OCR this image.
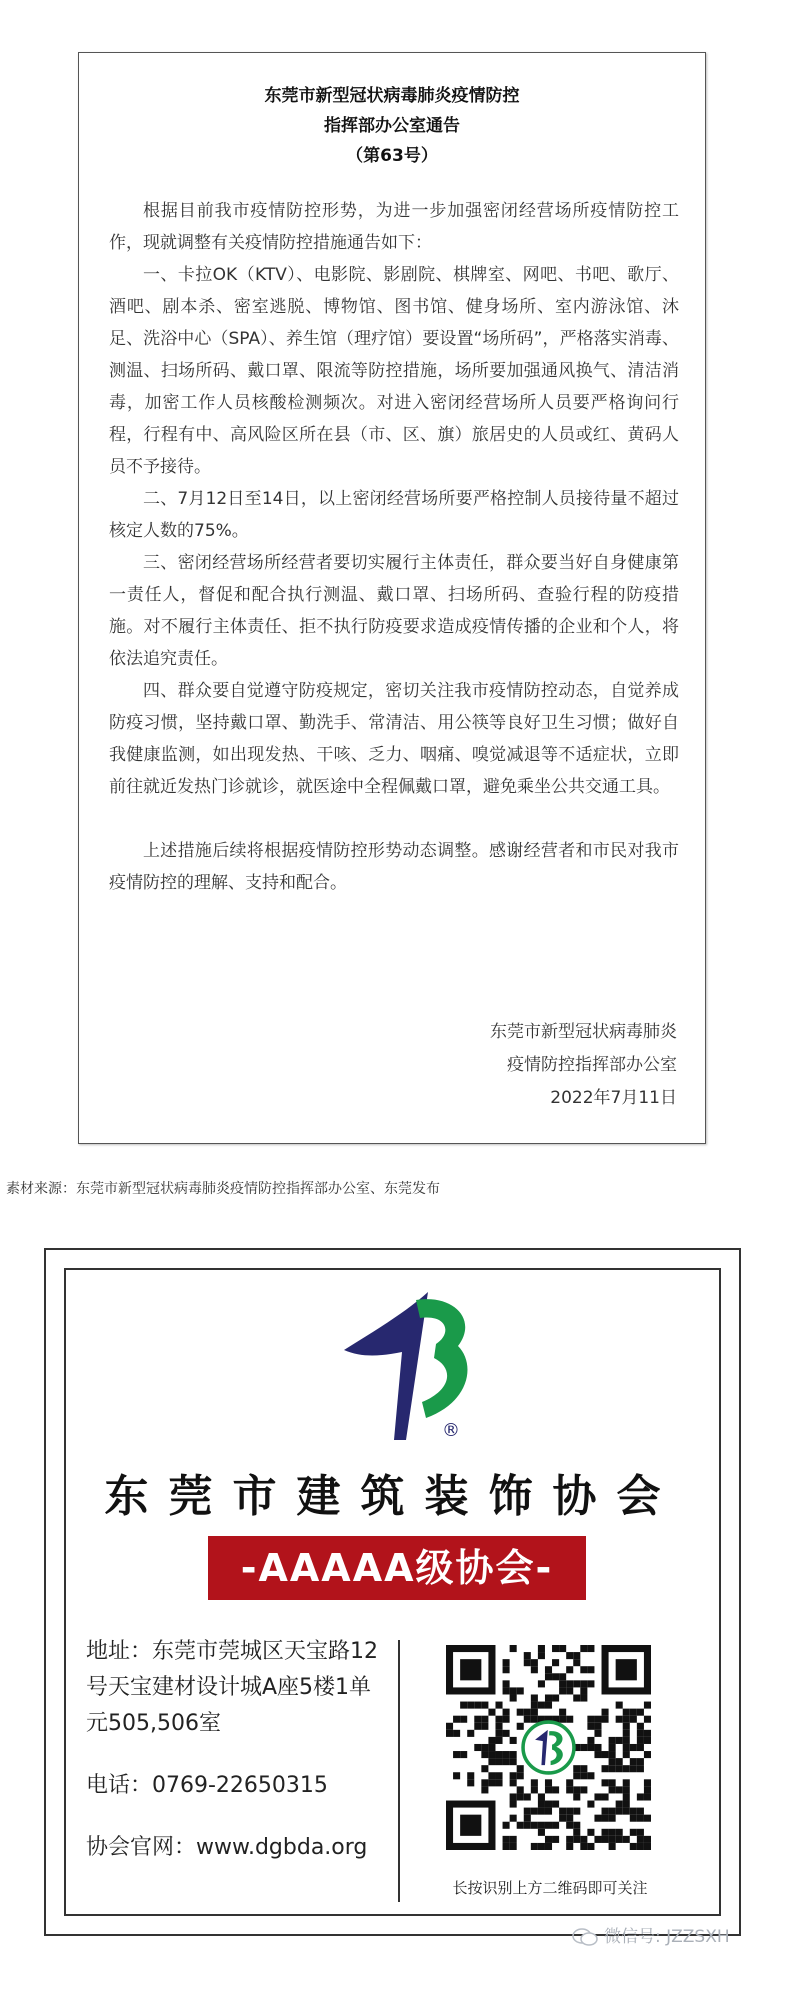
东莞市新型冠状病毒肺炎疫情防控
指挥部办公室通告
（第63号）

根据目前我市疫情防控形势，为进一步加强密闭经营场所疫情防控工作，现就调整有关疫情防控措施通告如下：

一、卡拉OK（KTV）、电影院、影剧院、棋牌室、网吧、书吧、歌厅、酒吧、剧本杀、密室逃脱、博物馆、图书馆、健身场所、室内游泳馆、沐足、洗浴中心（SPA）、养生馆（理疗馆）要设置“场所码”，严格落实消毒、测温、扫场所码、戴口罩、限流等防控措施，场所要加强通风换气、清洁消毒，加密工作人员核酸检测频次。对进入密闭经营场所人员要严格询问行程，行程有中、高风险区所在县（市、区、旗）旅居史的人员或红、黄码人员不予接待。

二、7月12日至14日，以上密闭经营场所要严格控制人员接待量不超过核定人数的75%。

三、密闭经营场所经营者要切实履行主体责任，群众要当好自身健康第一责任人，督促和配合执行测温、戴口罩、扫场所码、查验行程的防疫措施。对不履行主体责任、拒不执行防疫要求造成疫情传播的企业和个人，将依法追究责任。

四、群众要自觉遵守防疫规定，密切关注我市疫情防控动态，自觉养成防疫习惯，坚持戴口罩、勤洗手、常清洁、用公筷等良好卫生习惯；做好自我健康监测，如出现发热、干咳、乏力、咽痛、嗅觉减退等不适症状，立即前往就近发热门诊就诊，就医途中全程佩戴口罩，避免乘坐公共交通工具。

上述措施后续将根据疫情防控形势动态调整。感谢经营者和市民对我市疫情防控的理解、支持和配合。

东莞市新型冠状病毒肺炎
疫情防控指挥部办公室
2022年7月11日
素材来源：东莞市新型冠状病毒肺炎疫情防控指挥部办公室、东莞发布
®
东莞市建筑装饰协会
-AAAAA级协会-

地址：东莞市莞城区天宝路12号天宝建材设计城A座5楼1单元505,506室

电话：0769-22650315

协会官网：www.dgbda.org

长按识别上方二维码即可关注
微信号: JZZSXH
